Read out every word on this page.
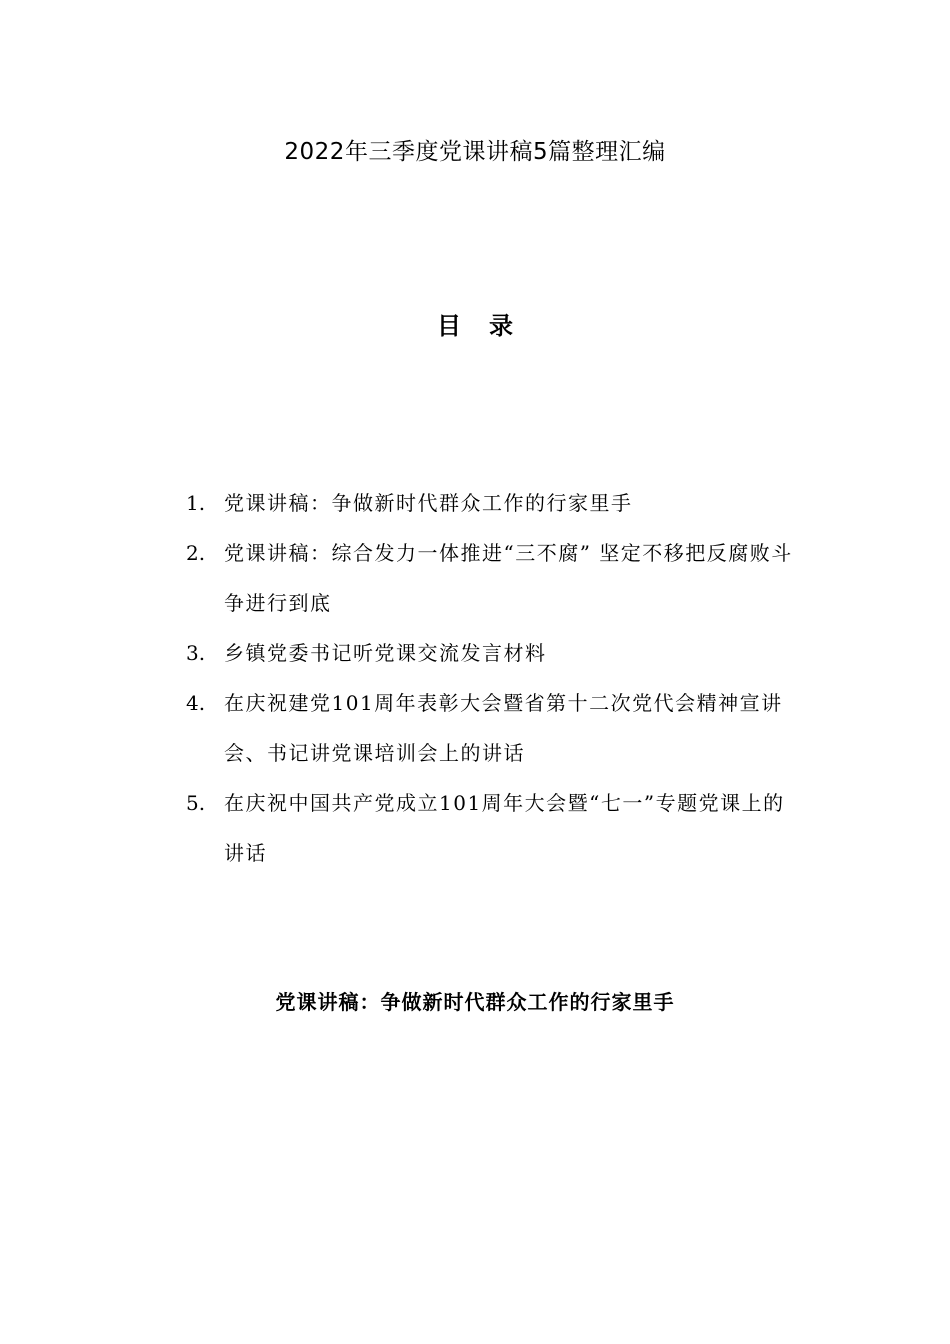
2022年三季度党课讲稿5篇整理汇编
目录
1. 党课讲稿：争做新时代群众工作的行家里手
2. 党课讲稿：综合发力一体推进“三不腐” 坚定不移把反腐败斗争进行到底
3. 乡镇党委书记听党课交流发言材料
4. 在庆祝建党101周年表彰大会暨省第十二次党代会精神宣讲会、书记讲党课培训会上的讲话
5. 在庆祝中国共产党成立101周年大会暨“七一”专题党课上的讲话
党课讲稿：争做新时代群众工作的行家里手
